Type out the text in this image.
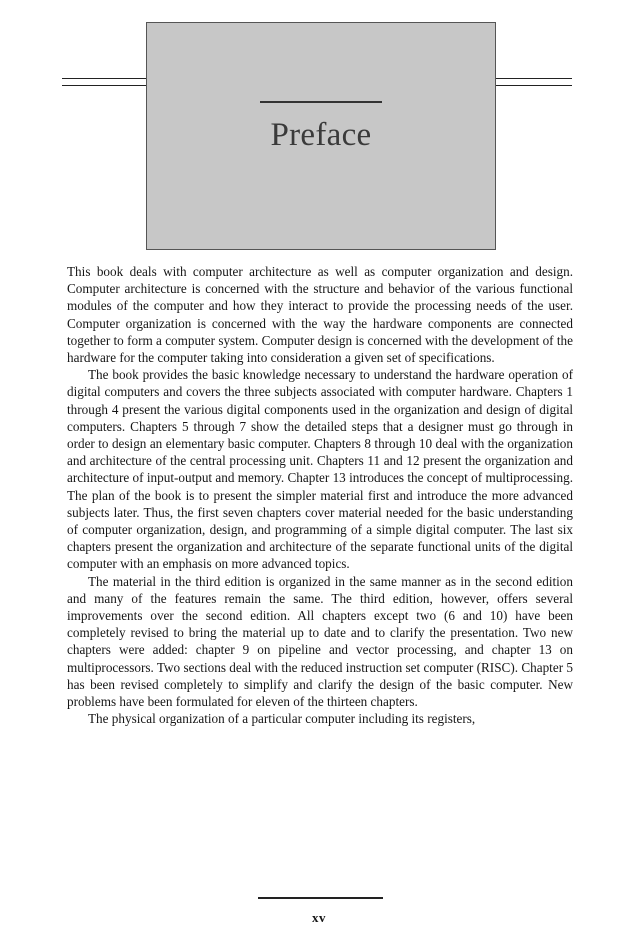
Preface

This book deals with computer architecture as well as computer organization and design. Computer architecture is concerned with the structure and behavior of the various functional modules of the computer and how they interact to provide the processing needs of the user. Computer organization is concerned with the way the hardware components are connected together to form a computer system. Computer design is concerned with the development of the hardware for the computer taking into consideration a given set of specifications.

The book provides the basic knowledge necessary to understand the hardware operation of digital computers and covers the three subjects associated with computer hardware. Chapters 1 through 4 present the various digital components used in the organization and design of digital computers. Chapters 5 through 7 show the detailed steps that a designer must go through in order to design an elementary basic computer. Chapters 8 through 10 deal with the organization and architecture of the central processing unit. Chapters 11 and 12 present the organization and architecture of input-output and memory. Chapter 13 introduces the concept of multiprocessing. The plan of the book is to present the simpler material first and introduce the more advanced subjects later. Thus, the first seven chapters cover material needed for the basic understanding of computer organization, design, and programming of a simple digital computer. The last six chapters present the organization and architecture of the separate functional units of the digital computer with an emphasis on more advanced topics.

The material in the third edition is organized in the same manner as in the second edition and many of the features remain the same. The third edition, however, offers several improvements over the second edition. All chapters except two (6 and 10) have been completely revised to bring the material up to date and to clarify the presentation. Two new chapters were added: chapter 9 on pipeline and vector processing, and chapter 13 on multiprocessors. Two sections deal with the reduced instruction set computer (RISC). Chapter 5 has been revised completely to simplify and clarify the design of the basic computer. New problems have been formulated for eleven of the thirteen chapters.

The physical organization of a particular computer including its registers,

xv
